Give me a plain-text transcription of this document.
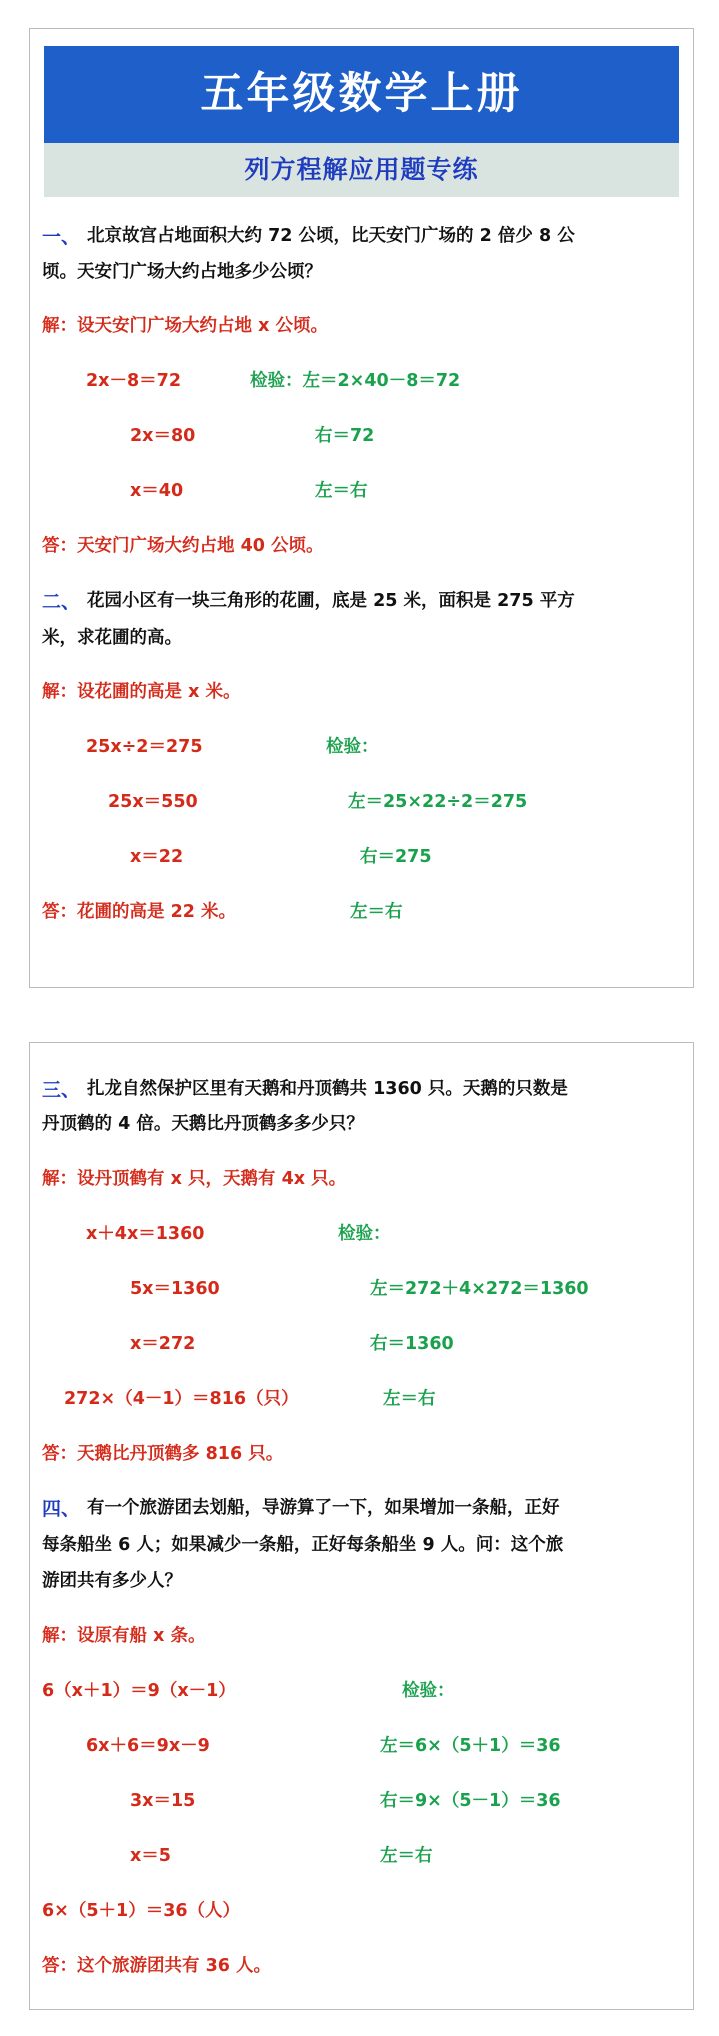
五年级数学上册
列方程解应用题专练
一、 北京故宫占地面积大约 72 公顷，比天安门广场的 2 倍少 8 公
顷。天安门广场大约占地多少公顷？
解：设天安门广场大约占地 x 公顷。
2x－8＝72	检验：左＝2×40－8＝72
2x＝80	右＝72
x＝40	左＝右
答：天安门广场大约占地 40 公顷。
二、 花园小区有一块三角形的花圃，底是 25 米，面积是 275 平方
米，求花圃的高。
解：设花圃的高是 x 米。
25x÷2＝275	检验：
25x＝550	左＝25×22÷2＝275
x＝22	右＝275
答：花圃的高是 22 米。	左＝右
三、 扎龙自然保护区里有天鹅和丹顶鹤共 1360 只。天鹅的只数是
丹顶鹤的 4 倍。天鹅比丹顶鹤多多少只？
解：设丹顶鹤有 x 只，天鹅有 4x 只。
x＋4x＝1360	检验：
5x＝1360	左＝272＋4×272＝1360
x＝272	右＝1360
272×（4－1）＝816（只）	左＝右
答：天鹅比丹顶鹤多 816 只。
四、 有一个旅游团去划船，导游算了一下，如果增加一条船，正好
每条船坐 6 人；如果减少一条船，正好每条船坐 9 人。问：这个旅
游团共有多少人？
解：设原有船 x 条。
6（x＋1）＝9（x－1）	检验：
6x＋6＝9x－9	左＝6×（5＋1）＝36
3x＝15	右＝9×（5－1）＝36
x＝5	左＝右
6×（5＋1）＝36（人）
答：这个旅游团共有 36 人。
